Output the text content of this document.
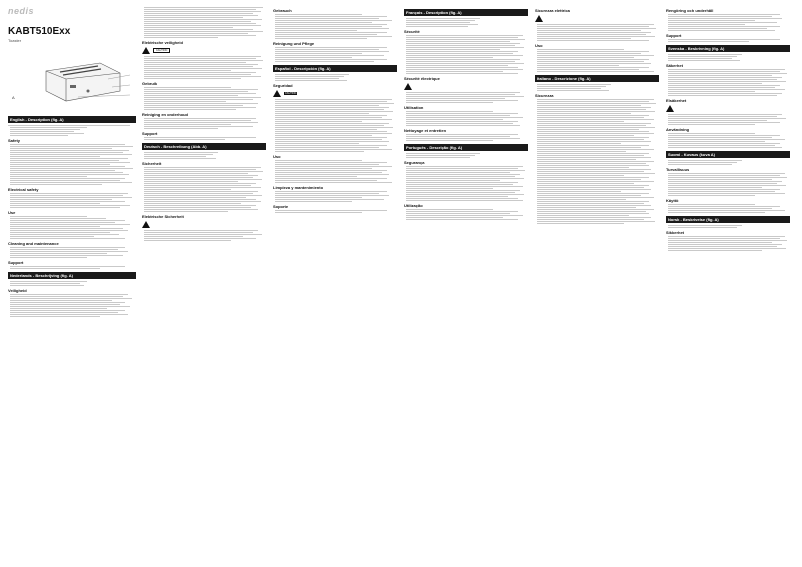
nedis
KABT510Exx
Toaster
A
English - Description (fig. A)
Safety
Electrical safety
Use
Cleaning and maintenance
Support
Nederlands - Beschrijving (fig. A)
Veiligheid
Elektrische veiligheid
CAUTION
Gebruik
Reiniging en onderhoud
Support
Deutsch - Beschreibung (Abb. A)
Sicherheit
Elektrische Sicherheit
Gebrauch
Reinigung und Pflege
Español - Descripción (fig. A)
Seguridad
CAUTION
Uso
Limpieza y mantenimiento
Soporte
Français - Description (fig. A)
Sécurité
Sécurité électrique
Utilisation
Nettoyage et entretien
Português - Descrição (fig. A)
Segurança
Utilização
Sicurezza elettrica
Uso
Italiano - Descrizione (fig. A)
Sicurezza
Rengöring och underhåll
Support
Svenska - Beskrivning (fig. A)
Säkerhet
Elsäkerhet
Användning
Suomi - Kuvaus (kuva A)
Turvallisuus
Käyttö
Norsk - Beskrivelse (fig. A)
Sikkerhet
